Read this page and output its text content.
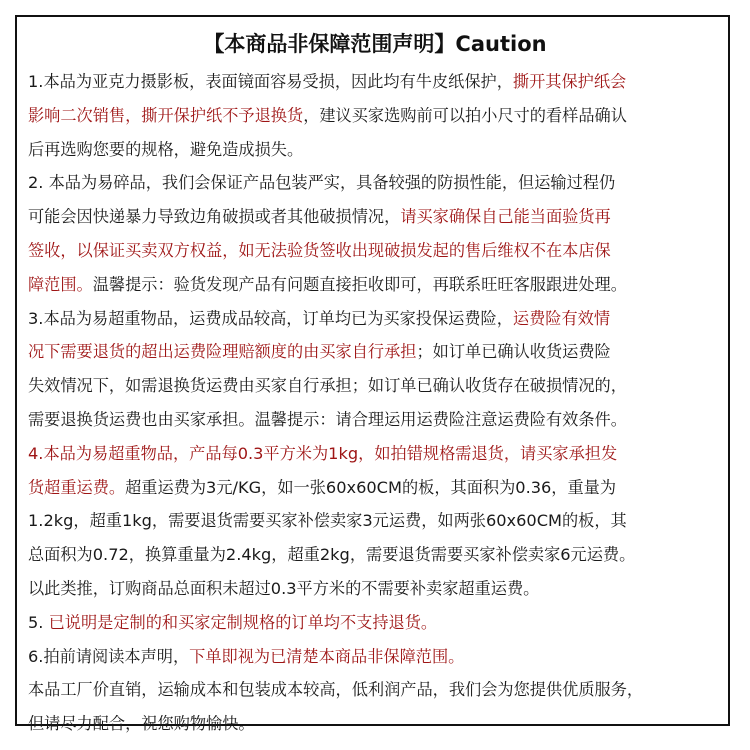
【本商品非保障范围声明】Caution
1.本品为亚克力摄影板，表面镜面容易受损，因此均有牛皮纸保护，撕开其保护纸会
影响二次销售，撕开保护纸不予退换货，建议买家选购前可以拍小尺寸的看样品确认
后再选购您要的规格，避免造成损失。
2. 本品为易碎品，我们会保证产品包装严实，具备较强的防损性能，但运输过程仍
可能会因快递暴力导致边角破损或者其他破损情况，请买家确保自己能当面验货再
签收，以保证买卖双方权益，如无法验货签收出现破损发起的售后维权不在本店保
障范围。温馨提示：验货发现产品有问题直接拒收即可，再联系旺旺客服跟进处理。
3.本品为易超重物品，运费成品较高，订单均已为买家投保运费险，运费险有效情
况下需要退货的超出运费险理赔额度的由买家自行承担；如订单已确认收货运费险
失效情况下，如需退换货运费由买家自行承担；如订单已确认收货存在破损情况的，
需要退换货运费也由买家承担。温馨提示：请合理运用运费险注意运费险有效条件。
4.本品为易超重物品，产品每0.3平方米为1kg，如拍错规格需退货，请买家承担发
货超重运费。超重运费为3元/KG，如一张60x60CM的板，其面积为0.36，重量为
1.2kg，超重1kg，需要退货需要买家补偿卖家3元运费，如两张60x60CM的板，其
总面积为0.72，换算重量为2.4kg，超重2kg，需要退货需要买家补偿卖家6元运费。
以此类推，订购商品总面积未超过0.3平方米的不需要补卖家超重运费。
5. 已说明是定制的和买家定制规格的订单均不支持退货。
6.拍前请阅读本声明，下单即视为已清楚本商品非保障范围。
本品工厂价直销，运输成本和包装成本较高，低利润产品，我们会为您提供优质服务，
但请尽力配合，祝您购物愉快。
